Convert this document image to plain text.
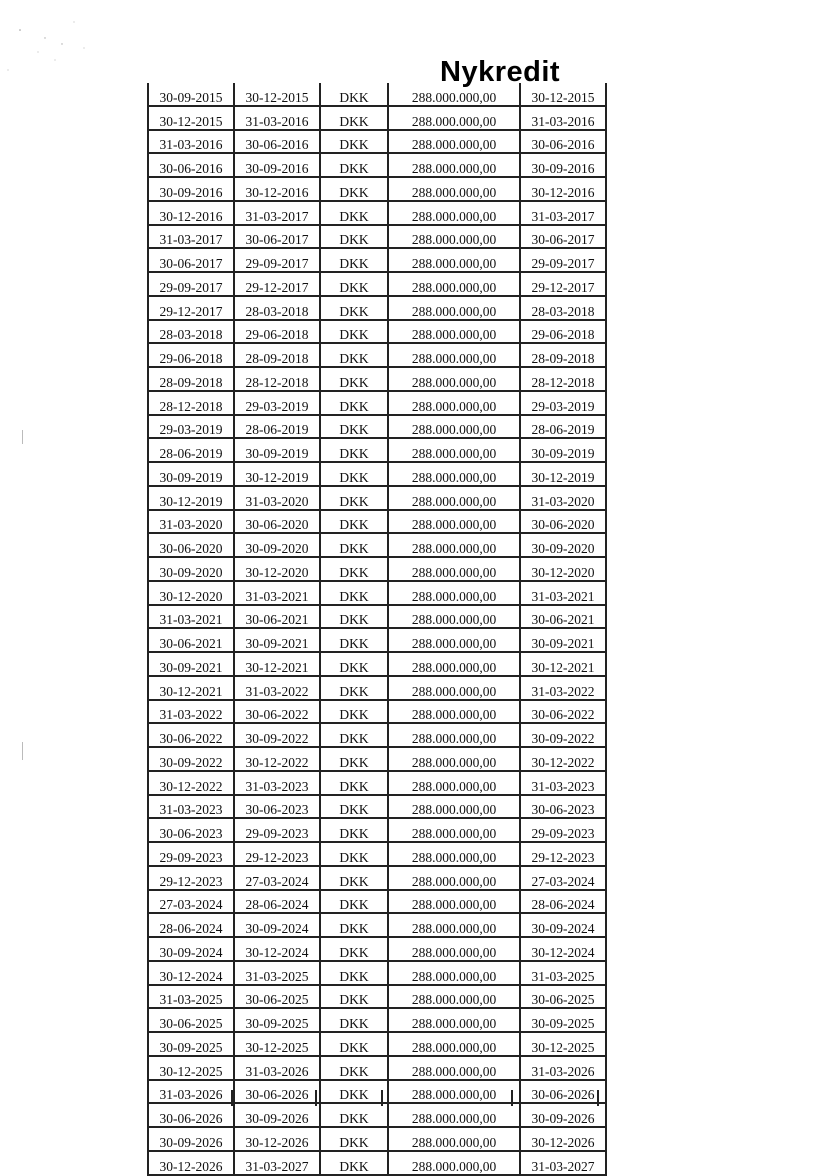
Nykredit
30-09-2015	30-12-2015	DKK	288.000.000,00	30-12-2015
30-12-2015	31-03-2016	DKK	288.000.000,00	31-03-2016
31-03-2016	30-06-2016	DKK	288.000.000,00	30-06-2016
30-06-2016	30-09-2016	DKK	288.000.000,00	30-09-2016
30-09-2016	30-12-2016	DKK	288.000.000,00	30-12-2016
30-12-2016	31-03-2017	DKK	288.000.000,00	31-03-2017
31-03-2017	30-06-2017	DKK	288.000.000,00	30-06-2017
30-06-2017	29-09-2017	DKK	288.000.000,00	29-09-2017
29-09-2017	29-12-2017	DKK	288.000.000,00	29-12-2017
29-12-2017	28-03-2018	DKK	288.000.000,00	28-03-2018
28-03-2018	29-06-2018	DKK	288.000.000,00	29-06-2018
29-06-2018	28-09-2018	DKK	288.000.000,00	28-09-2018
28-09-2018	28-12-2018	DKK	288.000.000,00	28-12-2018
28-12-2018	29-03-2019	DKK	288.000.000,00	29-03-2019
29-03-2019	28-06-2019	DKK	288.000.000,00	28-06-2019
28-06-2019	30-09-2019	DKK	288.000.000,00	30-09-2019
30-09-2019	30-12-2019	DKK	288.000.000,00	30-12-2019
30-12-2019	31-03-2020	DKK	288.000.000,00	31-03-2020
31-03-2020	30-06-2020	DKK	288.000.000,00	30-06-2020
30-06-2020	30-09-2020	DKK	288.000.000,00	30-09-2020
30-09-2020	30-12-2020	DKK	288.000.000,00	30-12-2020
30-12-2020	31-03-2021	DKK	288.000.000,00	31-03-2021
31-03-2021	30-06-2021	DKK	288.000.000,00	30-06-2021
30-06-2021	30-09-2021	DKK	288.000.000,00	30-09-2021
30-09-2021	30-12-2021	DKK	288.000.000,00	30-12-2021
30-12-2021	31-03-2022	DKK	288.000.000,00	31-03-2022
31-03-2022	30-06-2022	DKK	288.000.000,00	30-06-2022
30-06-2022	30-09-2022	DKK	288.000.000,00	30-09-2022
30-09-2022	30-12-2022	DKK	288.000.000,00	30-12-2022
30-12-2022	31-03-2023	DKK	288.000.000,00	31-03-2023
31-03-2023	30-06-2023	DKK	288.000.000,00	30-06-2023
30-06-2023	29-09-2023	DKK	288.000.000,00	29-09-2023
29-09-2023	29-12-2023	DKK	288.000.000,00	29-12-2023
29-12-2023	27-03-2024	DKK	288.000.000,00	27-03-2024
27-03-2024	28-06-2024	DKK	288.000.000,00	28-06-2024
28-06-2024	30-09-2024	DKK	288.000.000,00	30-09-2024
30-09-2024	30-12-2024	DKK	288.000.000,00	30-12-2024
30-12-2024	31-03-2025	DKK	288.000.000,00	31-03-2025
31-03-2025	30-06-2025	DKK	288.000.000,00	30-06-2025
30-06-2025	30-09-2025	DKK	288.000.000,00	30-09-2025
30-09-2025	30-12-2025	DKK	288.000.000,00	30-12-2025
30-12-2025	31-03-2026	DKK	288.000.000,00	31-03-2026
31-03-2026	30-06-2026	DKK	288.000.000,00	30-06-2026
30-06-2026	30-09-2026	DKK	288.000.000,00	30-09-2026
30-09-2026	30-12-2026	DKK	288.000.000,00	30-12-2026
30-12-2026	31-03-2027	DKK	288.000.000,00	31-03-2027
